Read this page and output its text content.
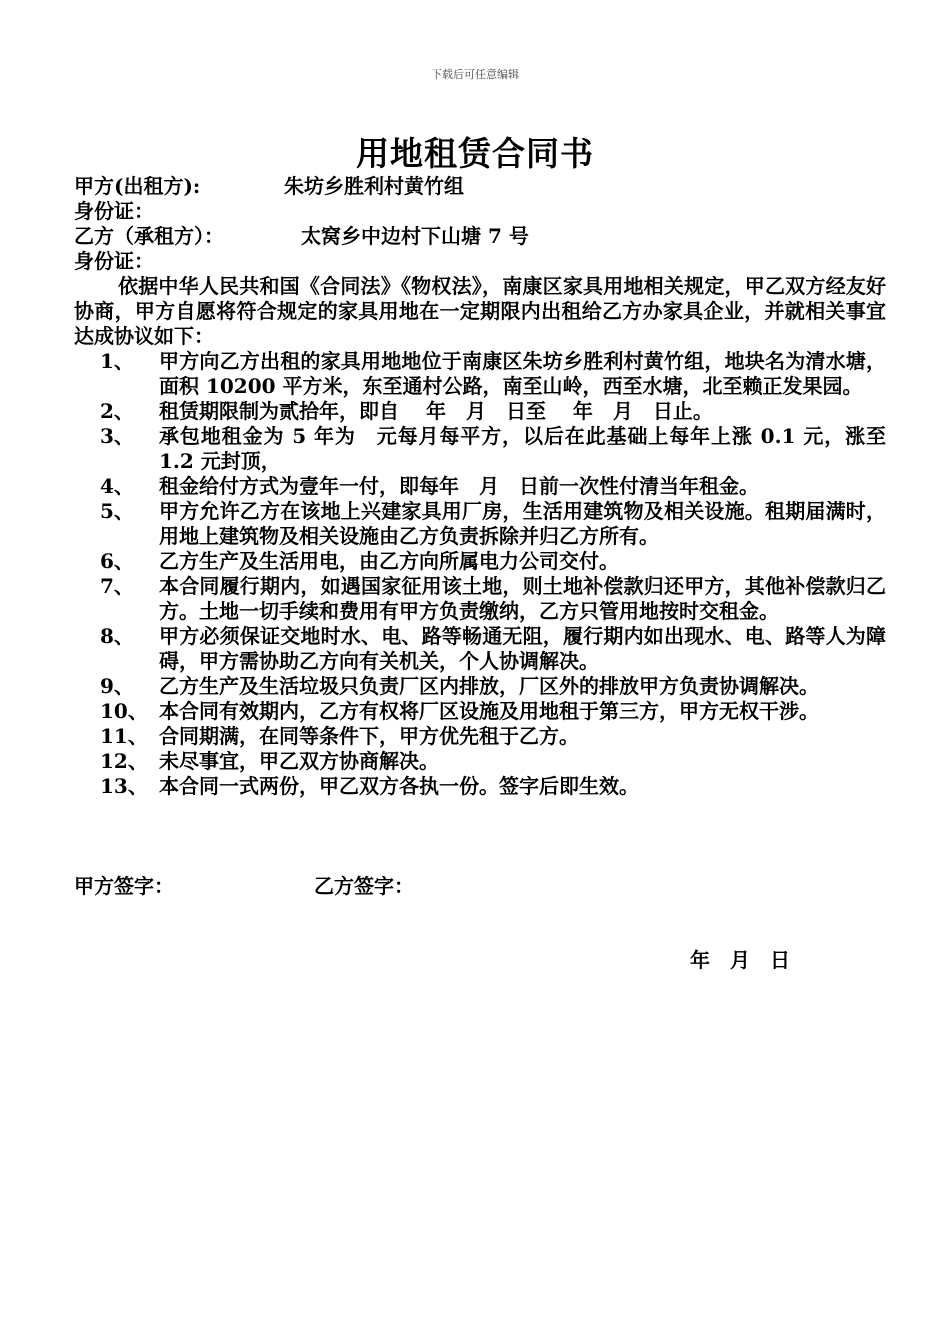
下载后可任意编辑
用地租赁合同书
甲方(出租方):	朱坊乡胜利村黄竹组
身份证：
乙方（承租方）：	太窝乡中边村下山塘 7 号
身份证：
依据中华人民共和国《合同法》《物权法》，南康区家具用地相关规定，甲乙双方经友好协商，甲方自愿将符合规定的家具用地在一定期限内出租给乙方办家具企业，并就相关事宜达成协议如下：
1、	甲方向乙方出租的家具用地地位于南康区朱坊乡胜利村黄竹组，地块名为清水塘，面积 10200 平方米，东至通村公路，南至山岭，西至水塘，北至赖正发果园。
2、	租赁期限制为贰拾年，即自　 年　月　日至　 年　月　日止。
3、	承包地租金为 5 年为　元每月每平方，以后在此基础上每年上涨 0.1 元，涨至 1.2 元封顶，
4、	租金给付方式为壹年一付，即每年　月　日前一次性付清当年租金。
5、	甲方允许乙方在该地上兴建家具用厂房，生活用建筑物及相关设施。租期届满时，用地上建筑物及相关设施由乙方负责拆除并归乙方所有。
6、	乙方生产及生活用电，由乙方向所属电力公司交付。
7、	本合同履行期内，如遇国家征用该土地，则土地补偿款归还甲方，其他补偿款归乙方。土地一切手续和费用有甲方负责缴纳，乙方只管用地按时交租金。
8、	甲方必须保证交地时水、电、路等畅通无阻，履行期内如出现水、电、路等人为障碍，甲方需协助乙方向有关机关，个人协调解决。
9、	乙方生产及生活垃圾只负责厂区内排放，厂区外的排放甲方负责协调解决。
10、 本合同有效期内，乙方有权将厂区设施及用地租于第三方，甲方无权干涉。
11、 合同期满，在同等条件下，甲方优先租于乙方。
12、 未尽事宜，甲乙双方协商解决。
13、 本合同一式两份，甲乙双方各执一份。签字后即生效。
甲方签字：	乙方签字：
年　月　日
